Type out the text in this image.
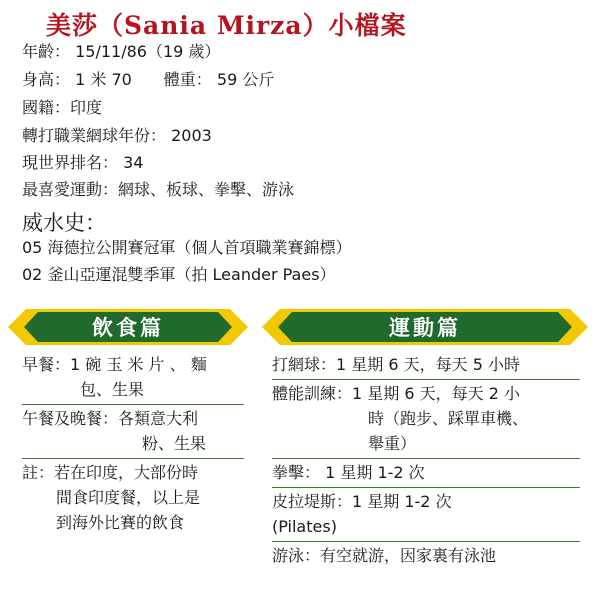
美莎（Sania Mirza）小檔案
年齡： 15/11/86（19 歲）
身高： 1 米 70　　體重： 59 公斤
國籍：印度
轉打職業網球年份： 2003
現世界排名： 34
最喜愛運動：網球、板球、拳擊、游泳
威水史：
05 海德拉公開賽冠軍（個人首項職業賽錦標）
02 釜山亞運混雙季軍（拍 Leander Paes）
飲食篇	運動篇
早餐：1 碗 玉 米 片 、 麵
包、生果
午餐及晚餐：各類意大利
粉、生果
註：若在印度，大部份時
間食印度餐，以上是
到海外比賽的飲食
打網球：1 星期 6 天，每天 5 小時
體能訓練：1 星期 6 天，每天 2 小
時（跑步、踩單車機、
舉重）
拳擊： 1 星期 1-2 次
皮拉堤斯：1 星期 1-2 次
(Pilates)
游泳：有空就游，因家裏有泳池
